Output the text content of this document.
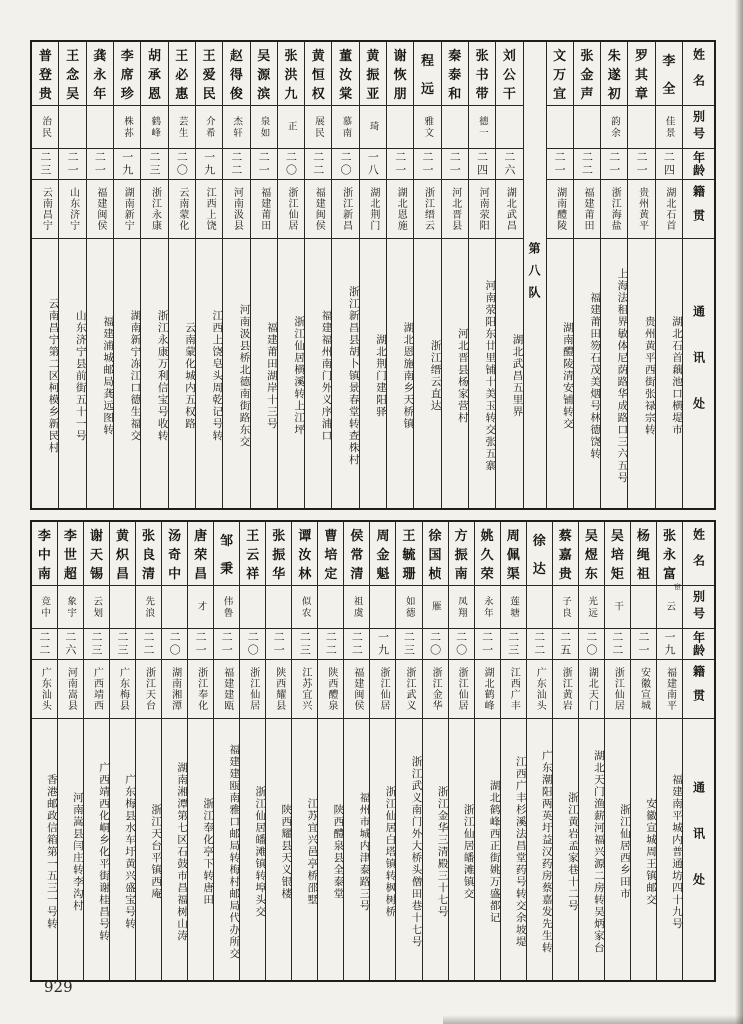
姓名
别号
年龄
籍贯
通讯处
李
全
佳景
二四
湖北石首
湖北石首藕池口横堤市
罗
其
章
二一
贵州黄平
贵州黄平西街张禄宗转
朱
遂
初
韵余
二一
浙江海盐
上海法租界敏体尼荫路华成路口三六五号
张
金
声
二二
福建莆田
福建莆田笏石茂美烟号林德饶转
文
万
宜
二一
湖南醴陵
湖南醴陵清安铺转交
第八队
刘
公
干
二六
湖北武昌
湖北武昌五里界
张
书
带
德一
二四
河南荥阳
河南荥阳东廿里铺十美玉转交张五寨
秦
泰
和
二一
河北晋县
河北晋县杨家营村
程
远
雅文
二一
浙江缙云
浙江缙云直达
谢
恢
朋
二一
湖北恩施
湖北恩施南乡天桥镇
黄
振
亚
琦
一八
湖北荆门
湖北荆门建阳驿
董
汝
棠
慕南
二〇
浙江新昌
浙江新昌县胡卜镇景春堂转查株村
黄
恒
权
展民
二二
福建闽侯
福建福州南门外义序浦口
张
洪
九
正
二〇
浙江仙居
浙江仙居横溪转上江坪
吴
源
滨
泉如
二一
福建莆田
福建莆田湖岸十三号
赵
得
俊
杰轩
二二
河南汲县
河南汲县桥北德南街路东交
王
爱
民
介希
一九
江西上饶
江西上饶皂头周乾记号转
王
必
惠
芸生
二〇
云南蒙化
云南蒙化城内五权路
胡
承
恩
鹤峰
二三
浙江永康
浙江永康万利信宝号收转
李
席
珍
株荪
一九
湖南新宁
湖南新宁冻江口德生福交
龚
永
年
二一
福建闽侯
福建浦城邮局龚远图转
王
念
吴
二一
山东济宁
山东济宁县前街五十一号
普
登
贵
治民
二三
云南昌宁
云南昌宁第二区柯模乡新民村
姓名
别号
年龄
籍贯
通讯处
张
永
富
宦
云
一九
福建南平
福建南平城内普通坊四十九号
杨
绳
祖
二一
安徽宣城
安徽宣城周王镇邮交
吴
培
矩
干
二二
浙江仙居
浙江仙居西乡田市
吴
煜
东
光远
二〇
湖北天门
湖北天门渔薪河福兴源二房转吴炳家台
蔡
嘉
贵
子良
二五
浙江黄岩
浙江黄岩孟家巷十二号
徐
达
二二
广东汕头
广东潮阳两英圩益汉药房蔡嘉发先生转
周
佩
渠
莲塘
二三
江西广丰
江西广丰杉溪法昌堂药号转交余坡堤
姚
久
荣
永年
二一
湖北鹤峰
湖北鹤峰西正街姚万盛都记
方
振
南
凤翔
二〇
浙江仙居
浙江仙居皤滩镇交
徐
国
桢
雁
二〇
浙江金华
浙江金华三清殿三十七号
王
毓
珊
如德
二三
浙江武义
浙江武义南门外大桥头僧田巷十七号
周
金
魁
一九
浙江仙居
浙江仙居白塔镇转枫树桥
侯
常
清
祖虞
二二
福建闽侯
福州市城内津泰路三号
曹
培
定
二二
陕西醴泉
陕西醴泉县全泰堂
谭
汝
林
似农
二三
江苏宜兴
江苏宜兴邑亭桥邵墅
张
振
华
二一
陕西耀县
陕西耀县天义银楼
王
云
祥
二〇
浙江仙居
浙江仙居皤滩镇转埠头交
邹
秉
伟鲁
二一
福建建瓯
福建建瓯南雅口邮局转梅村邮局代办所交
唐
荣
昌
才
二一
浙江奉化
浙江奉化亭下转唐田
汤
奇
中
二〇
湖南湘潭
湖南湘潭第七区石鼓市昌福树山涛
张
良
清
先浪
二二
浙江天台
浙江天台平镇西庵
黄
炽
昌
二三
广东梅县
广东梅县水车圩黄兴盛宝号转
谢
天
锡
云划
二三
广西靖西
广西靖西化峒乡化平街谢桂昌号转
李
世
超
象宇
二六
河南嵩县
河南嵩县闫庄转李沟村
李
中
南
竞中
二二
广东汕头
香港邮政信箱第一五三一号转
929
